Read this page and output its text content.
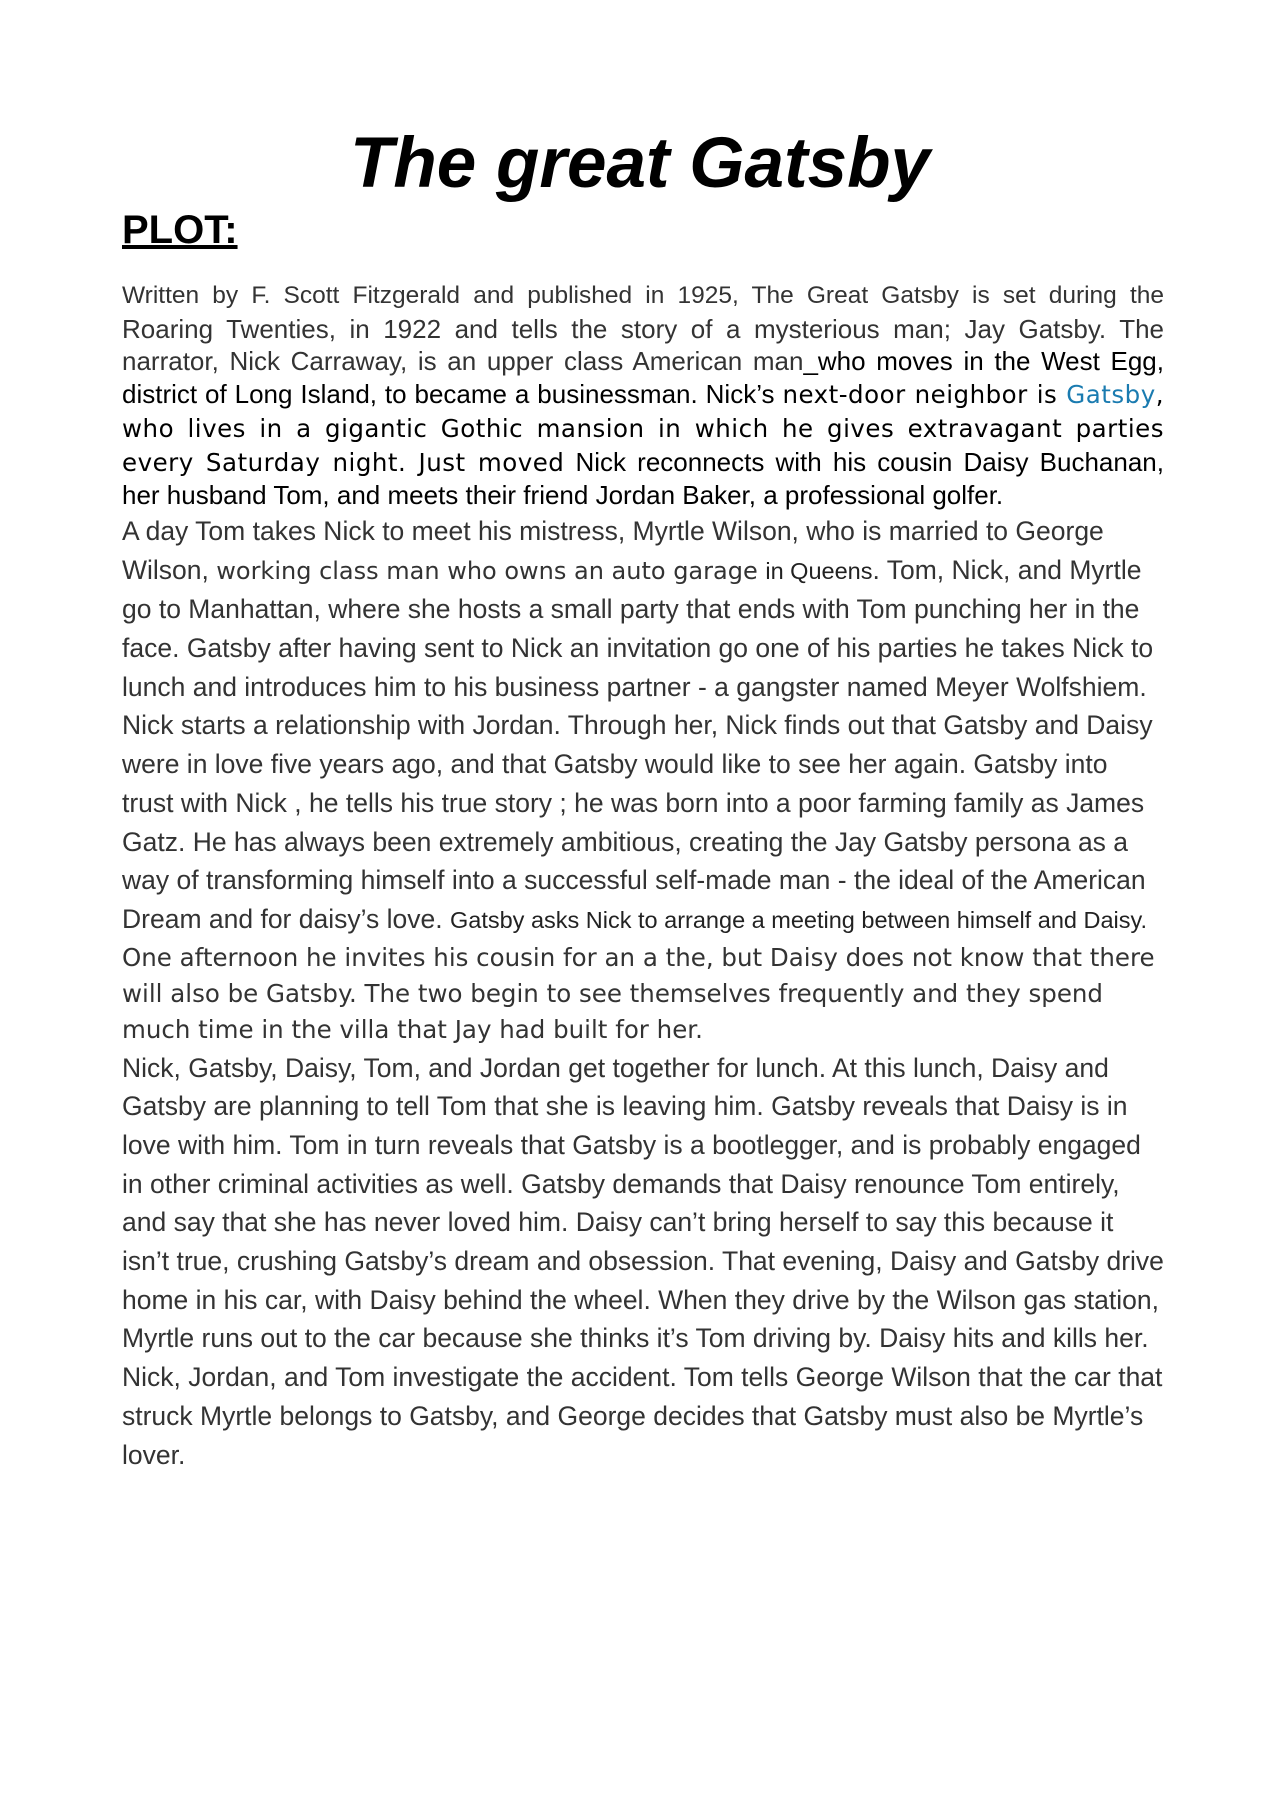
The great Gatsby
PLOT:

Written by F. Scott Fitzgerald and published in 1925, The Great Gatsby is set during the Roaring Twenties, in 1922 and tells the story of a mysterious man; Jay Gatsby. The narrator, Nick Carraway, is an upper class American man_who moves in the West Egg, district of Long Island, to became a businessman. Nick’s next-door neighbor is Gatsby, who lives in a gigantic Gothic mansion in which he gives extravagant parties every Saturday night. Just moved Nick reconnects with his cousin Daisy Buchanan, her husband Tom, and meets their friend Jordan Baker, a professional golfer.

A day Tom takes Nick to meet his mistress, Myrtle Wilson, who is married to George Wilson, working class man who owns an auto garage in Queens. Tom, Nick, and Myrtle go to Manhattan, where she hosts a small party that ends with Tom punching her in the face. Gatsby after having sent to Nick an invitation go one of his parties he takes Nick to lunch and introduces him to his business partner - a gangster named Meyer Wolfshiem.

Nick starts a relationship with Jordan. Through her, Nick finds out that Gatsby and Daisy were in love five years ago, and that Gatsby would like to see her again. Gatsby into trust with Nick , he tells his true story ; he was born into a poor farming family as James Gatz. He has always been extremely ambitious, creating the Jay Gatsby persona as a way of transforming himself into a successful self-made man - the ideal of the American Dream and for daisy’s love. Gatsby asks Nick to arrange a meeting between himself and Daisy.

One afternoon he invites his cousin for an a the, but Daisy does not know that there will also be Gatsby. The two begin to see themselves frequently and they spend much time in the villa that Jay had built for her.

Nick, Gatsby, Daisy, Tom, and Jordan get together for lunch. At this lunch, Daisy and Gatsby are planning to tell Tom that she is leaving him. Gatsby reveals that Daisy is in love with him. Tom in turn reveals that Gatsby is a bootlegger, and is probably engaged in other criminal activities as well. Gatsby demands that Daisy renounce Tom entirely, and say that she has never loved him. Daisy can’t bring herself to say this because it isn’t true, crushing Gatsby’s dream and obsession. That evening, Daisy and Gatsby drive home in his car, with Daisy behind the wheel. When they drive by the Wilson gas station, Myrtle runs out to the car because she thinks it’s Tom driving by. Daisy hits and kills her.

Nick, Jordan, and Tom investigate the accident. Tom tells George Wilson that the car that struck Myrtle belongs to Gatsby, and George decides that Gatsby must also be Myrtle’s lover.
